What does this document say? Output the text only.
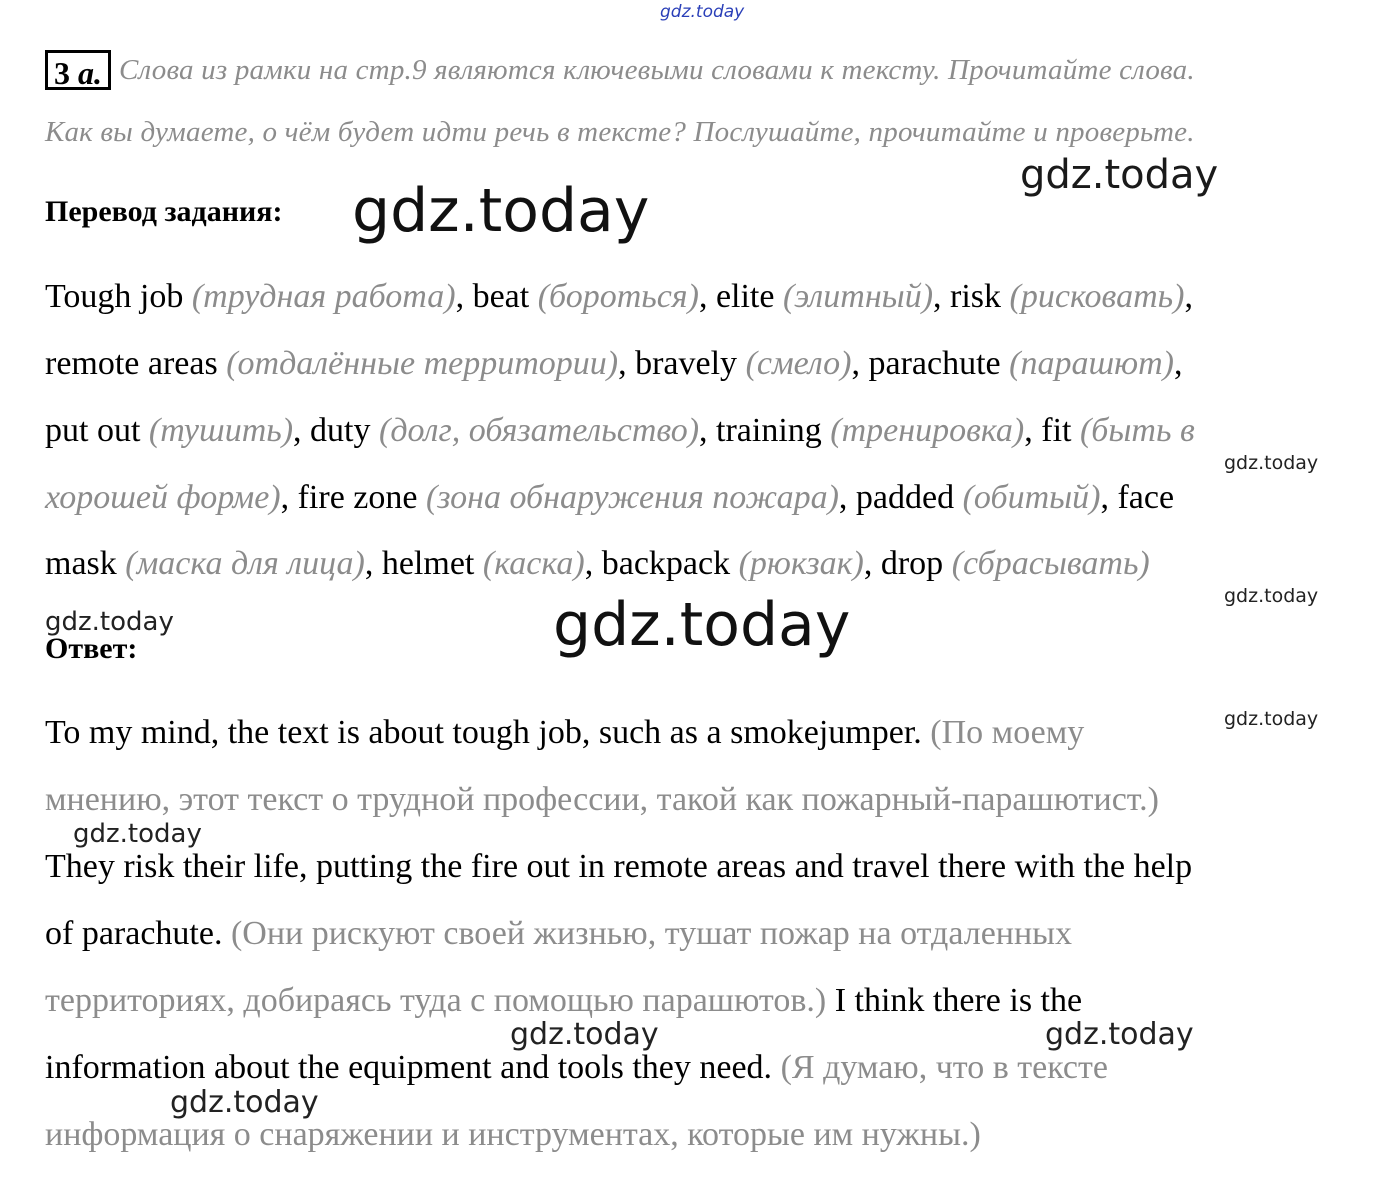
gdz.today
gdz.today
gdz.today
gdz.today
gdz.today
gdz.today
gdz.today
gdz.today
gdz.today
gdz.today	gdz.today
gdz.today
3 a. Слова из рамки на стр.9 являются ключевыми словами к тексту. Прочитайте слова.
Как вы думаете, о чём будет идти речь в тексте? Послушайте, прочитайте и проверьте.
Перевод задания:
Tough job (трудная работа), beat (бороться), elite (элитный), risk (рисковать),
remote areas (отдалённые территории), bravely (смело), parachute (парашют),
put out (тушить), duty (долг, обязательство), training (тренировка), fit (быть в
хорошей форме), fire zone (зона обнаружения пожара), padded (обитый), face
mask (маска для лица), helmet (каска), backpack (рюкзак), drop (сбрасывать)
Ответ:
To my mind, the text is about tough job, such as a smokejumper. (По моему
мнению, этот текст о трудной профессии, такой как пожарный-парашютист.)
They risk their life, putting the fire out in remote areas and travel there with the help
of parachute. (Они рискуют своей жизнью, тушат пожар на отдаленных
территориях, добираясь туда с помощью парашютов.) I think there is the
information about the equipment and tools they need. (Я думаю, что в тексте
информация о снаряжении и инструментах, которые им нужны.)
